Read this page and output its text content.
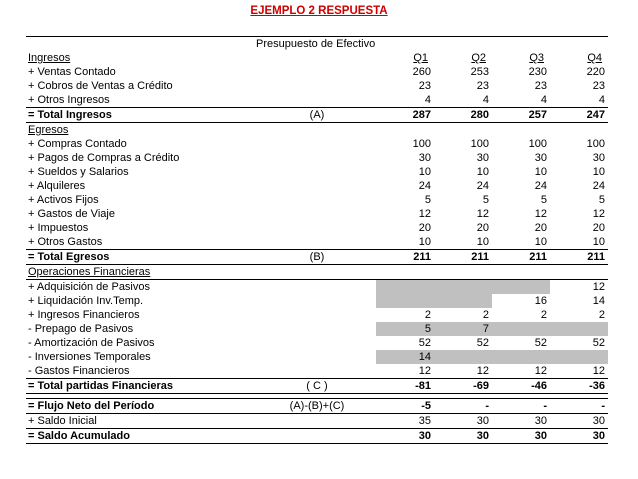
EJEMPLO 2 RESPUESTA
Presupuesto de Efectivo
Ingresos		Q1	Q2	Q3	Q4
+ Ventas Contado		260	253	230	220
+ Cobros de Ventas a Crédito		23	23	23	23
+ Otros Ingresos		4	4	4	4
= Total Ingresos	(A)	287	280	257	247
Egresos					
+ Compras Contado		100	100	100	100
+ Pagos de Compras a Crédito		30	30	30	30
+ Sueldos y Salarios		10	10	10	10
+ Alquileres		24	24	24	24
+ Activos Fijos		5	5	5	5
+ Gastos de Viaje		12	12	12	12
+ Impuestos		20	20	20	20
+ Otros Gastos		10	10	10	10
= Total Egresos	(B)	211	211	211	211
Operaciones Financieras					
+ Adquisición de Pasivos					12
+ Liquidación Inv.Temp.				16	14
+ Ingresos Financieros		2	2	2	2
- Prepago de Pasivos		5	7		
- Amortización de Pasivos		52	52	52	52
- Inversiones Temporales		14			
- Gastos Financieros		12	12	12	12
= Total partidas Financieras	( C )	-81	-69	-46	-36

= Flujo Neto del Período	(A)-(B)+(C)	-5	-	-	-
+ Saldo Inicial		35	30	30	30
= Saldo Acumulado		30	30	30	30
